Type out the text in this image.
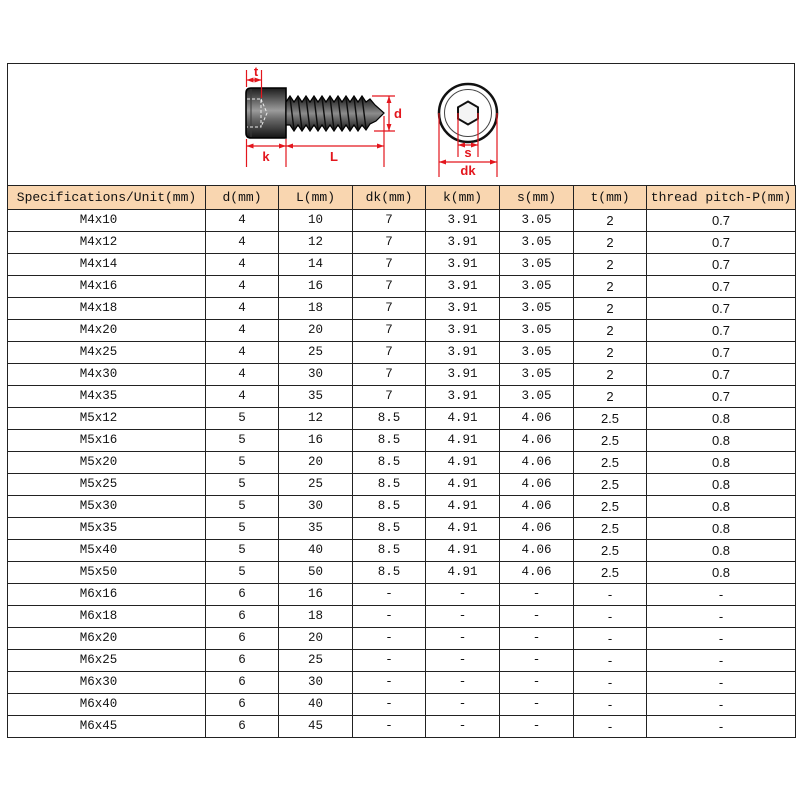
t
k	L
d
s
dk
Specifications/Unit(mm)	d(mm)	L(mm)	dk(mm)	k(mm)	s(mm)	t(mm)	thread pitch-P(mm)
M4x10	4	10	7	3.91	3.05	2	0.7
M4x12	4	12	7	3.91	3.05	2	0.7
M4x14	4	14	7	3.91	3.05	2	0.7
M4x16	4	16	7	3.91	3.05	2	0.7
M4x18	4	18	7	3.91	3.05	2	0.7
M4x20	4	20	7	3.91	3.05	2	0.7
M4x25	4	25	7	3.91	3.05	2	0.7
M4x30	4	30	7	3.91	3.05	2	0.7
M4x35	4	35	7	3.91	3.05	2	0.7
M5x12	5	12	8.5	4.91	4.06	2.5	0.8
M5x16	5	16	8.5	4.91	4.06	2.5	0.8
M5x20	5	20	8.5	4.91	4.06	2.5	0.8
M5x25	5	25	8.5	4.91	4.06	2.5	0.8
M5x30	5	30	8.5	4.91	4.06	2.5	0.8
M5x35	5	35	8.5	4.91	4.06	2.5	0.8
M5x40	5	40	8.5	4.91	4.06	2.5	0.8
M5x50	5	50	8.5	4.91	4.06	2.5	0.8
M6x16	6	16	-	-	-	-	-
M6x18	6	18	-	-	-	-	-
M6x20	6	20	-	-	-	-	-
M6x25	6	25	-	-	-	-	-
M6x30	6	30	-	-	-	-	-
M6x40	6	40	-	-	-	-	-
M6x45	6	45	-	-	-	-	-
